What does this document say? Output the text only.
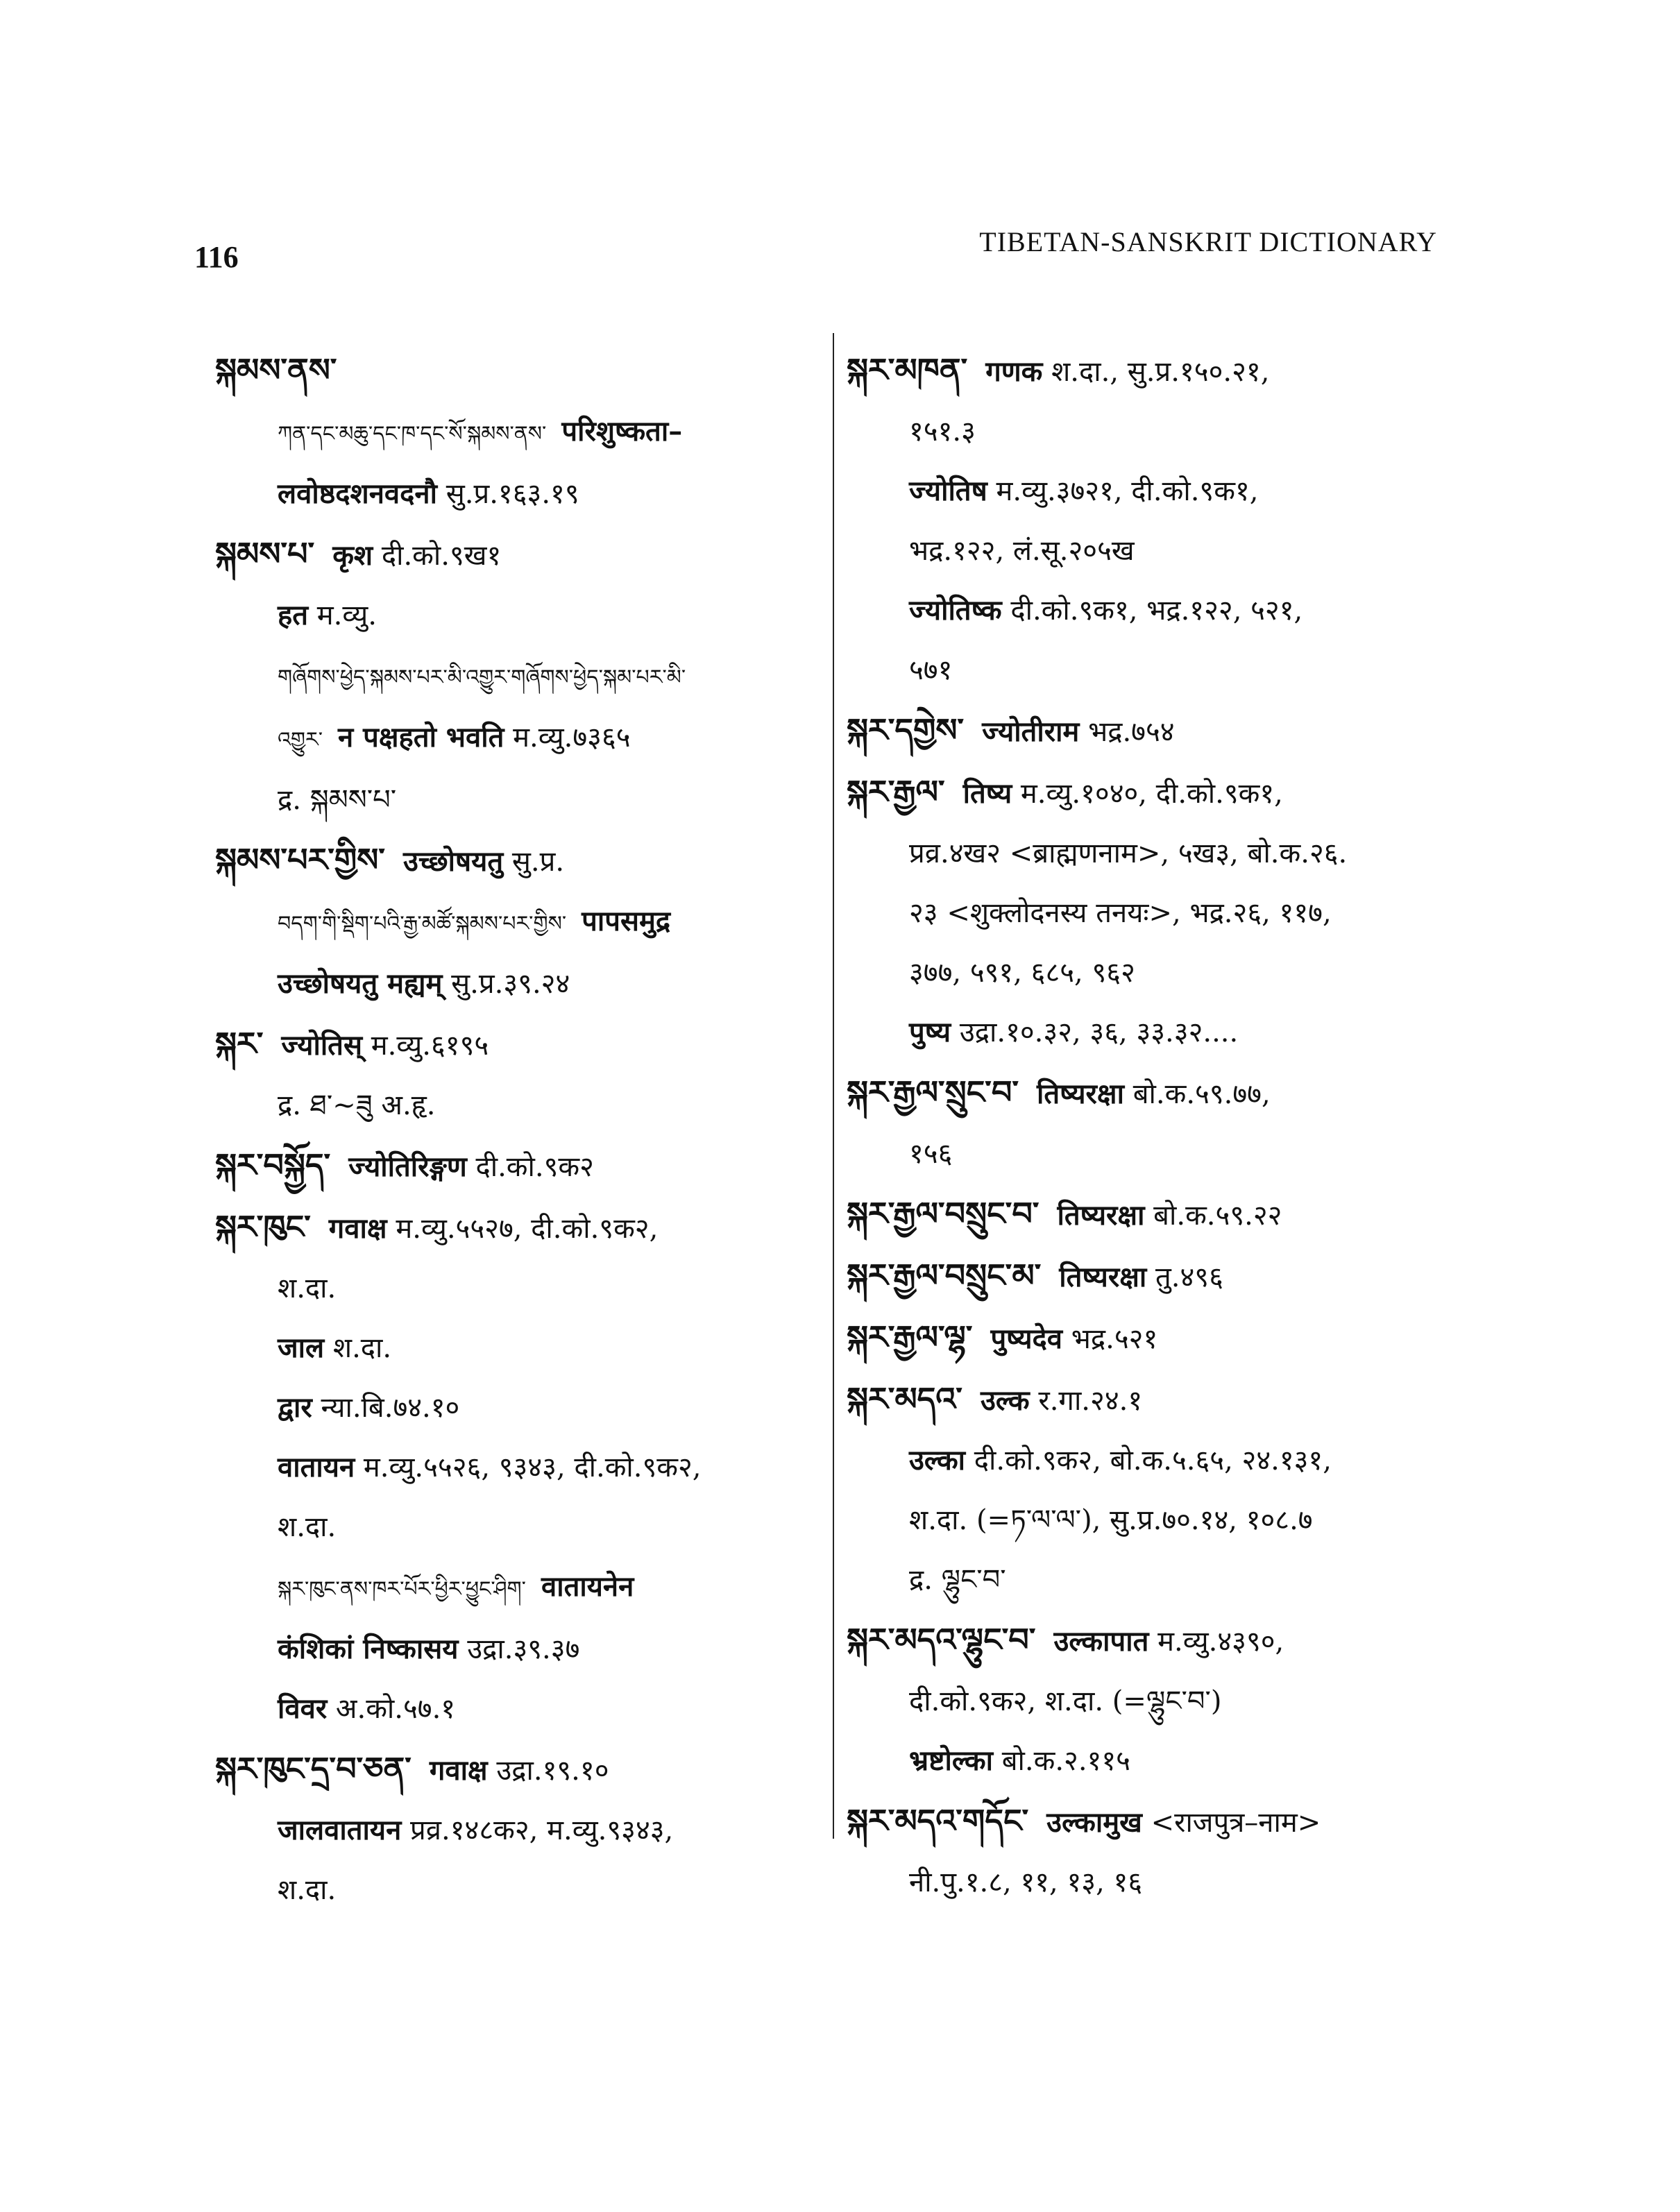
116	TIBETAN-SANSKRIT DICTIONARY
སྐམས་ནས་
ཀན་དང་མཆུ་དང་ཁ་དང་སོ་སྐམས་ནས་ परिशुष्कता–
लवोष्ठदशनवदनौ सु.प्र.१६३.१९
སྐམས་པ་ कृश दी.को.९ख१
हत म.व्यु.
གཞོགས་ཕྱེད་སྐམས་པར་མི་འགྱུར་གཞོགས་ཕྱེད་སྐམ་པར་མི་
འགྱུར་ न पक्षहतो भवति म.व्यु.७३६५
द्र. སྐམས་པ་
སྐམས་པར་གྱིས་ उच्छोषयतु सु.प्र.
བདག་གི་སྡིག་པའི་རྒྱ་མཚོ་སྐམས་པར་གྱིས་ पापसमुद्र
उच्छोषयतु मह्यम् सु.प्र.३९.२४
སྐར་ ज्योतिस् म.व्यु.६१९५
द्र. ཐ་~ཟུ अ.हृ.
སྐར་བསྐྱོད་ ज्योतिरिङ्गण दी.को.९क२
སྐར་ཁུང་ गवाक्ष म.व्यु.५५२७, दी.को.९क२,
श.दा.
जाल श.दा.
द्वार न्या.बि.७४.१०
वातायन म.व्यु.५५२६, ९३४३, दी.को.९क२,
श.दा.
སྐར་ཁུང་ནས་ཁར་པོར་ཕྱིར་ཕྱུང་ཤིག་ वातायनेन
कंशिकां निष्कासय उद्रा.३९.३७
विवर अ.को.५७.१
སྐར་ཁུང་དྲ་བ་ཅན་ गवाक्ष उद्रा.१९.१०
जालवातायन प्रव्र.१४८क२, म.व्यु.९३४३,
श.दा.
སྐར་མཁན་ गणक श.दा., सु.प्र.१५०.२१,
१५१.३
ज्योतिष म.व्यु.३७२१, दी.को.९क१,
भद्र.१२२, लं.सू.२०५ख
ज्योतिष्क दी.को.९क१, भद्र.१२२, ५२१,
५७१
སྐར་དགྱེས་ ज्योतीराम भद्र.७५४
སྐར་རྒྱལ་ तिष्य म.व्यु.१०४०, दी.को.९क१,
प्रव्र.४ख२ <ब्राह्मणनाम>, ५ख३, बो.क.२६.
२३ <शुक्लोदनस्य तनयः>, भद्र.२६, ११७,
३७७, ५९१, ६८५, ९६२
पुष्य उद्रा.१०.३२, ३६, ३३.३२....
སྐར་རྒྱལ་སྲུང་བ་ तिष्यरक्षा बो.क.५९.७७,
१५६
སྐར་རྒྱལ་བསྲུང་བ་ तिष्यरक्षा बो.क.५९.२२
སྐར་རྒྱལ་བསྲུང་མ་ तिष्यरक्षा तु.४९६
སྐར་རྒྱལ་ལྷ་ पुष्यदेव भद्र.५२१
སྐར་མདའ་ उल्क र.गा.२४.१
उल्का दी.को.९क२, बो.क.५.६५, २४.१३१,
श.दा. (=ཏ་ལ་ལ་), सु.प्र.७०.१४, १०८.७
द्र. ལྷུང་བ་
སྐར་མདའ་ལྷུང་བ་ उल्कापात म.व्यु.४३९०,
दी.को.९क२, श.दा. (=ལྷུང་བ་)
भ्रष्टोल्का बो.क.२.११५
སྐར་མདའ་གདོང་ उल्कामुख <राजपुत्र–नाम>
नी.पु.१.८, ११, १३, १६
